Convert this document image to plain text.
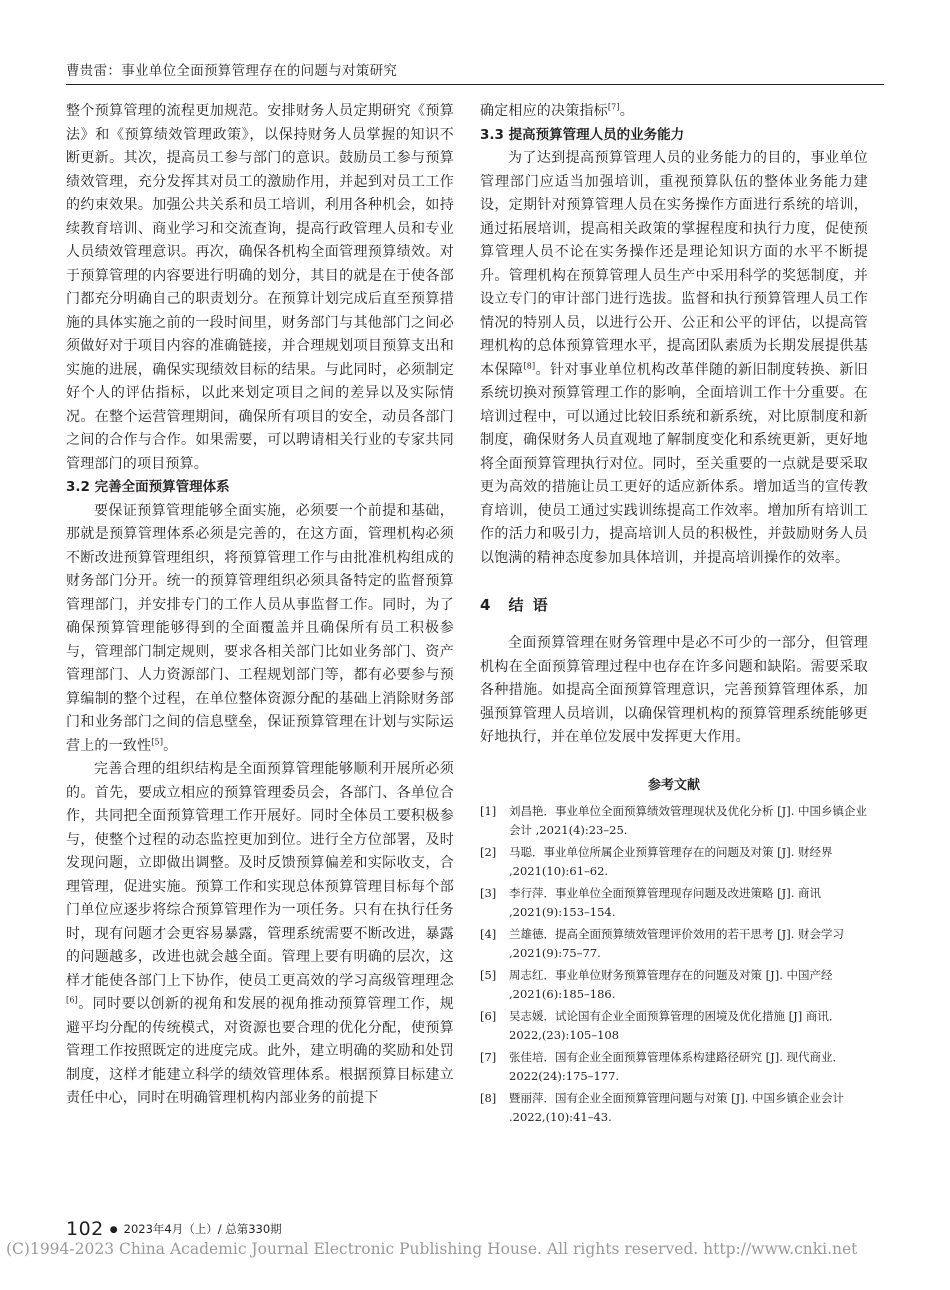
曹贵雷：事业单位全面预算管理存在的问题与对策研究

整个预算管理的流程更加规范。安排财务人员定期研究《预算法》和《预算绩效管理政策》，以保持财务人员掌握的知识不断更新。其次，提高员工参与部门的意识。鼓励员工参与预算绩效管理，充分发挥其对员工的激励作用，并起到对员工工作的约束效果。加强公共关系和员工培训，利用各种机会，如持续教育培训、商业学习和交流查询，提高行政管理人员和专业人员绩效管理意识。再次，确保各机构全面管理预算绩效。对于预算管理的内容要进行明确的划分，其目的就是在于使各部门都充分明确自己的职责划分。在预算计划完成后直至预算措施的具体实施之前的一段时间里，财务部门与其他部门之间必须做好对于项目内容的准确链接，并合理规划项目预算支出和实施的进展，确保实现绩效目标的结果。与此同时，必须制定好个人的评估指标，以此来划定项目之间的差异以及实际情况。在整个运营管理期间，确保所有项目的安全，动员各部门之间的合作与合作。如果需要，可以聘请相关行业的专家共同管理部门的项目预算。

3.2 完善全面预算管理体系

要保证预算管理能够全面实施，必须要一个前提和基础，那就是预算管理体系必须是完善的，在这方面，管理机构必须不断改进预算管理组织，将预算管理工作与由批准机构组成的财务部门分开。统一的预算管理组织必须具备特定的监督预算管理部门，并安排专门的工作人员从事监督工作。同时，为了确保预算管理能够得到的全面覆盖并且确保所有员工积极参与，管理部门制定规则，要求各相关部门比如业务部门、资产管理部门、人力资源部门、工程规划部门等，都有必要参与预算编制的整个过程，在单位整体资源分配的基础上消除财务部门和业务部门之间的信息壁垒，保证预算管理在计划与实际运营上的一致性[5]。

完善合理的组织结构是全面预算管理能够顺利开展所必须的。首先，要成立相应的预算管理委员会，各部门、各单位合作，共同把全面预算管理工作开展好。同时全体员工要积极参与，使整个过程的动态监控更加到位。进行全方位部署，及时发现问题，立即做出调整。及时反馈预算偏差和实际收支，合理管理，促进实施。预算工作和实现总体预算管理目标每个部门单位应逐步将综合预算管理作为一项任务。只有在执行任务时，现有问题才会更容易暴露，管理系统需要不断改进，暴露的问题越多，改进也就会越全面。管理上要有明确的层次，这样才能使各部门上下协作，使员工更高效的学习高级管理理念[6]。同时要以创新的视角和发展的视角推动预算管理工作，规避平均分配的传统模式，对资源也要合理的优化分配，使预算管理工作按照既定的进度完成。此外，建立明确的奖励和处罚制度，这样才能建立科学的绩效管理体系。根据预算目标建立责任中心，同时在明确管理机构内部业务的前提下

确定相应的决策指标[7]。

3.3 提高预算管理人员的业务能力

为了达到提高预算管理人员的业务能力的目的，事业单位管理部门应适当加强培训，重视预算队伍的整体业务能力建设，定期针对预算管理人员在实务操作方面进行系统的培训，通过拓展培训，提高相关政策的掌握程度和执行力度，促使预算管理人员不论在实务操作还是理论知识方面的水平不断提升。管理机构在预算管理人员生产中采用科学的奖惩制度，并设立专门的审计部门进行选拔。监督和执行预算管理人员工作情况的特别人员，以进行公开、公正和公平的评估，以提高管理机构的总体预算管理水平，提高团队素质为长期发展提供基本保障[8]。针对事业单位机构改革伴随的新旧制度转换、新旧系统切换对预算管理工作的影响，全面培训工作十分重要。在培训过程中，可以通过比较旧系统和新系统，对比原制度和新制度，确保财务人员直观地了解制度变化和系统更新，更好地将全面预算管理执行对位。同时，至关重要的一点就是要采取更为高效的措施让员工更好的适应新体系。增加适当的宣传教育培训，使员工通过实践训练提高工作效率。增加所有培训工作的活力和吸引力，提高培训人员的积极性，并鼓励财务人员以饱满的精神态度参加具体培训，并提高培训操作的效率。

4 结 语

全面预算管理在财务管理中是必不可少的一部分，但管理机构在全面预算管理过程中也存在许多问题和缺陷。需要采取各种措施。如提高全面预算管理意识，完善预算管理体系，加强预算管理人员培训，以确保管理机构的预算管理系统能够更好地执行，并在单位发展中发挥更大作用。

参考文献
[1] 刘昌艳．事业单位全面预算绩效管理现状及优化分析 [J]. 中国乡镇企业会计 ,2021(4):23–25.
[2] 马聪．事业单位所属企业预算管理存在的问题及对策 [J]. 财经界 ,2021(10):61–62.
[3] 李行萍．事业单位全面预算管理现存问题及改进策略 [J]. 商讯 ,2021(9):153–154.
[4] 兰雄德．提高全面预算绩效管理评价效用的若干思考 [J]. 财会学习 ,2021(9):75–77.
[5] 周志红．事业单位财务预算管理存在的问题及对策 [J]. 中国产经 ,2021(6):185–186.
[6] 吴志媛．试论国有企业全面预算管理的困境及优化措施 [J] 商讯．2022,(23):105–108
[7] 张佳培．国有企业全面预算管理体系构建路径研究 [J]. 现代商业．2022(24):175–177.
[8] 暨丽萍．国有企业全面预算管理问题与对策 [J]. 中国乡镇企业会计 .2022,(10):41–43.
102 ● 2023年4月（上）/ 总第330期
(C)1994-2023 China Academic Journal Electronic Publishing House. All rights reserved. http://www.cnki.net
